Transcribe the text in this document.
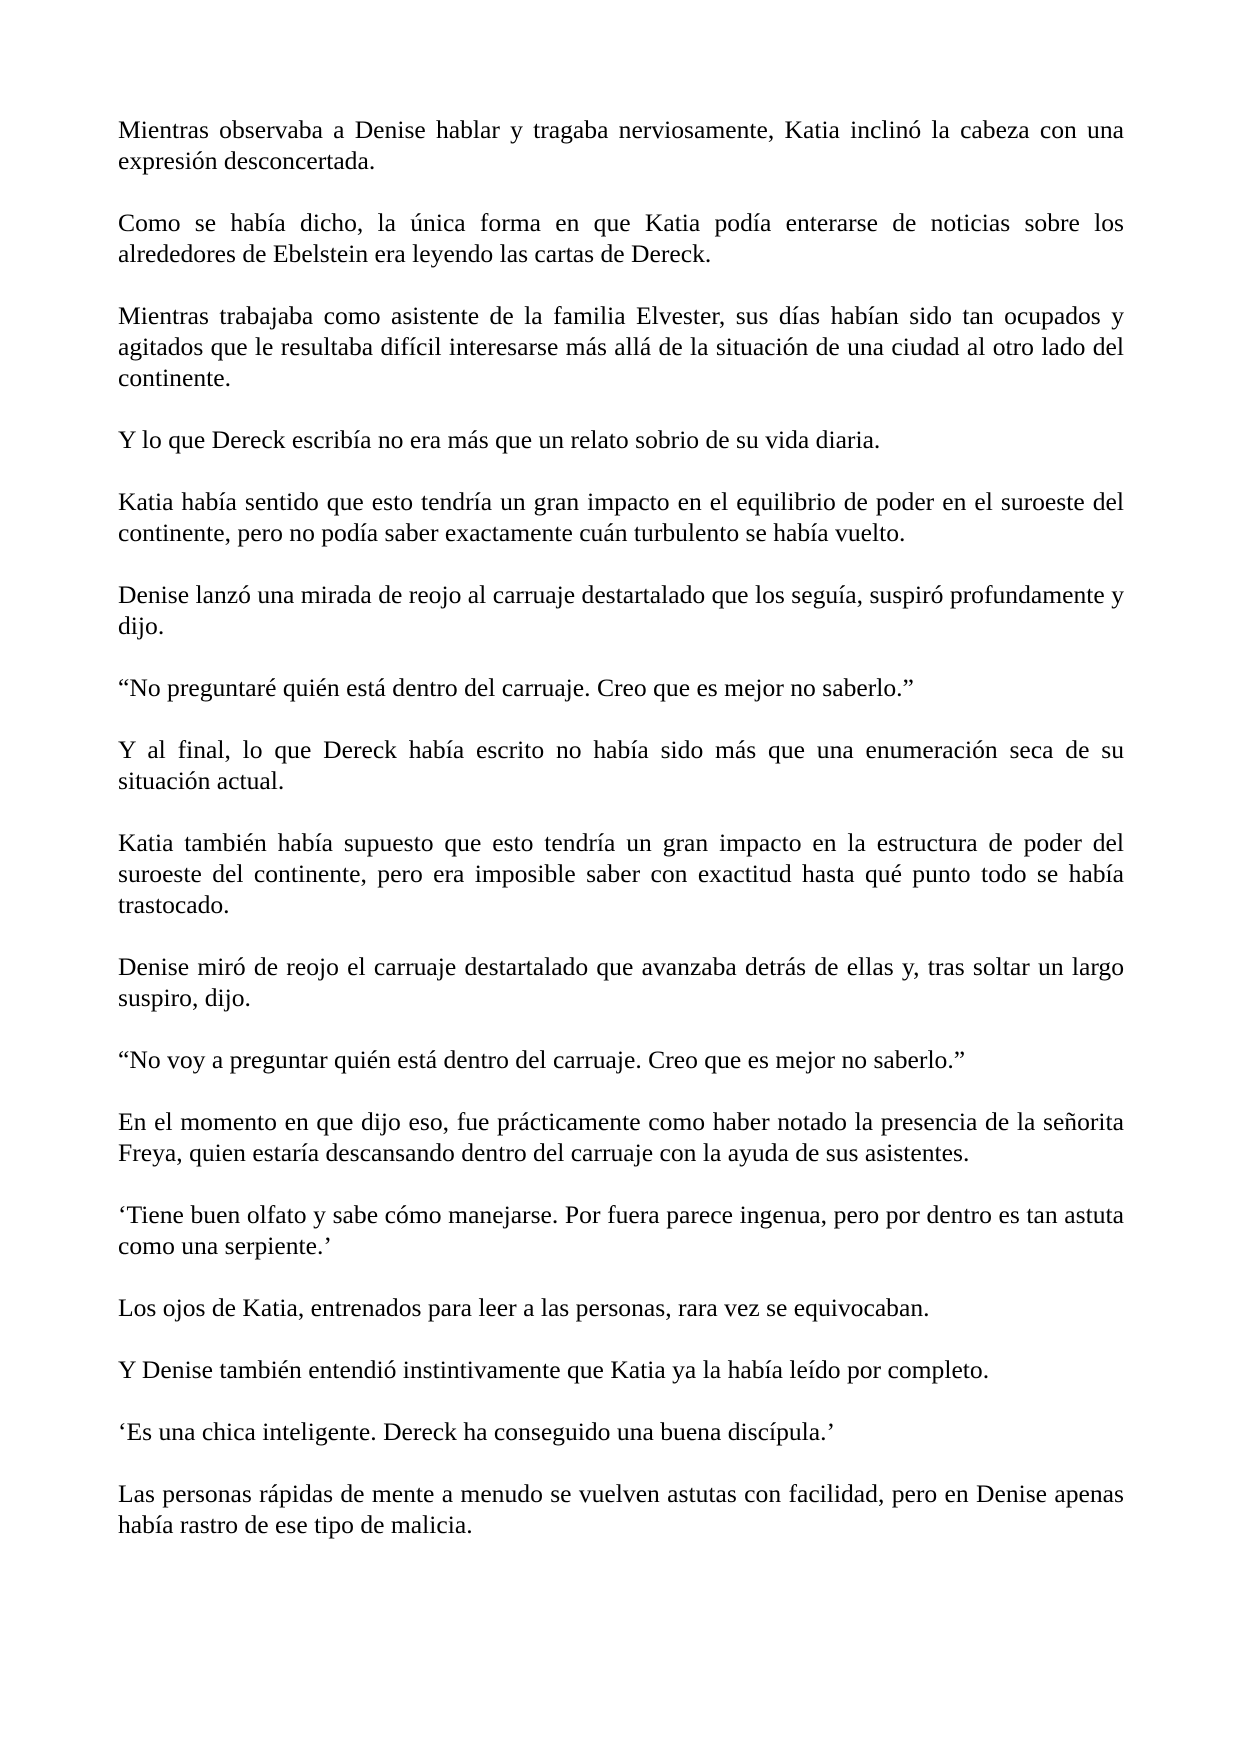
Mientras observaba a Denise hablar y tragaba nerviosamente, Katia inclinó la cabeza con una expresión desconcertada.

Como se había dicho, la única forma en que Katia podía enterarse de noticias sobre los alrededores de Ebelstein era leyendo las cartas de Dereck.

Mientras trabajaba como asistente de la familia Elvester, sus días habían sido tan ocupados y agitados que le resultaba difícil interesarse más allá de la situación de una ciudad al otro lado del continente.

Y lo que Dereck escribía no era más que un relato sobrio de su vida diaria.

Katia había sentido que esto tendría un gran impacto en el equilibrio de poder en el suroeste del continente, pero no podía saber exactamente cuán turbulento se había vuelto.

Denise lanzó una mirada de reojo al carruaje destartalado que los seguía, suspiró profundamente y dijo.

“No preguntaré quién está dentro del carruaje. Creo que es mejor no saberlo.”

Y al final, lo que Dereck había escrito no había sido más que una enumeración seca de su situación actual.

Katia también había supuesto que esto tendría un gran impacto en la estructura de poder del suroeste del continente, pero era imposible saber con exactitud hasta qué punto todo se había trastocado.

Denise miró de reojo el carruaje destartalado que avanzaba detrás de ellas y, tras soltar un largo suspiro, dijo.

“No voy a preguntar quién está dentro del carruaje. Creo que es mejor no saberlo.”

En el momento en que dijo eso, fue prácticamente como haber notado la presencia de la señorita Freya, quien estaría descansando dentro del carruaje con la ayuda de sus asistentes.

‘Tiene buen olfato y sabe cómo manejarse. Por fuera parece ingenua, pero por dentro es tan astuta como una serpiente.’

Los ojos de Katia, entrenados para leer a las personas, rara vez se equivocaban.

Y Denise también entendió instintivamente que Katia ya la había leído por completo.

‘Es una chica inteligente. Dereck ha conseguido una buena discípula.’

Las personas rápidas de mente a menudo se vuelven astutas con facilidad, pero en Denise apenas había rastro de ese tipo de malicia.
